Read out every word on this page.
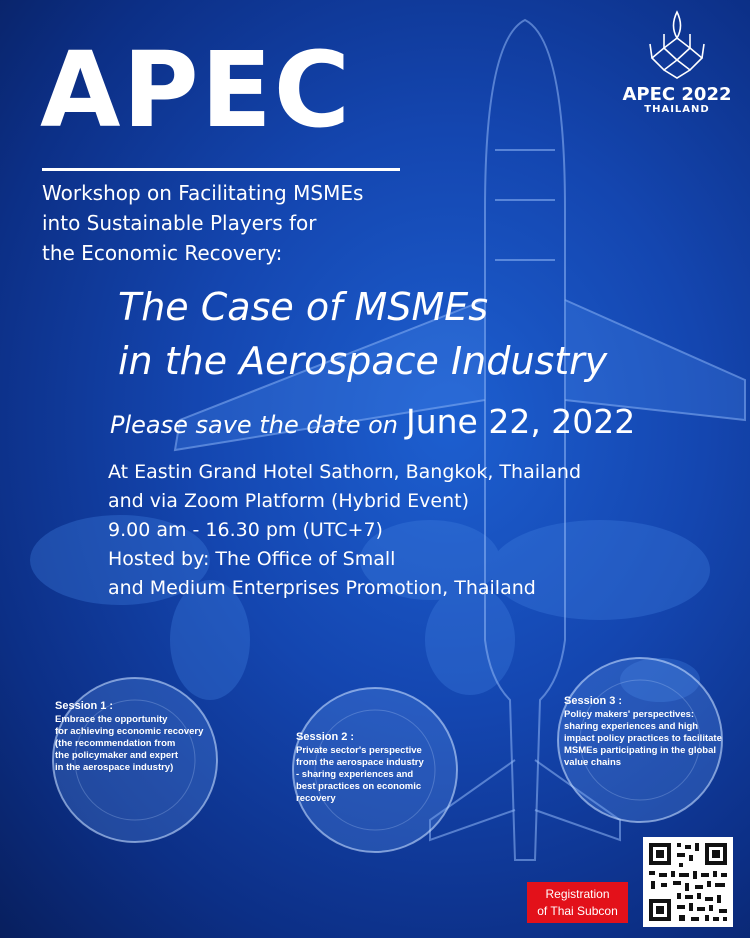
APEC
Workshop on Facilitating MSMEs
into Sustainable Players for
the Economic Recovery:
The Case of MSMEs
in the Aerospace Industry
Please save the date on June 22, 2022
At Eastin Grand Hotel Sathorn, Bangkok, Thailand
and via Zoom Platform (Hybrid Event)
9.00 am - 16.30 pm (UTC+7)
Hosted by: The Office of Small
and Medium Enterprises Promotion, Thailand
APEC 2022
THAILAND
Session 1 :
Embrace the opportunity
for achieving economic recovery
(the recommendation from
the policymaker and expert
in the aerospace industry)
Session 2 :
Private sector's perspective
from the aerospace industry
- sharing experiences and
best practices on economic
recovery
Session 3 :
Policy makers' perspectives:
sharing experiences and high
impact policy practices to facilitate
MSMEs participating in the global
value chains
Registration
of Thai Subcon
